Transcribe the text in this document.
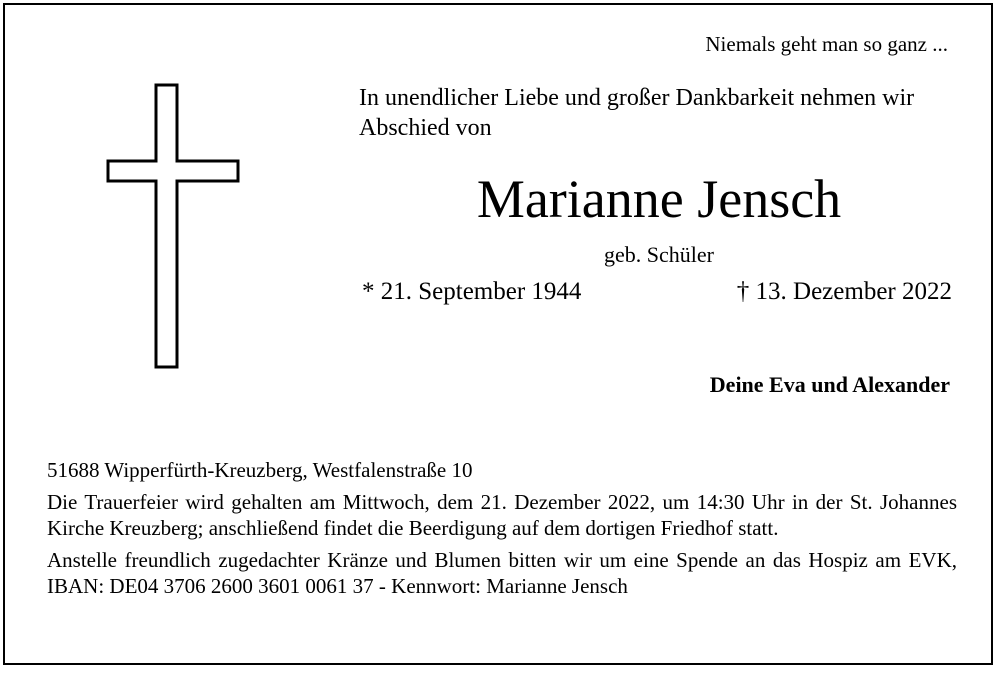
Niemals geht man so ganz ...
In unendlicher Liebe und großer Dankbarkeit nehmen wir Abschied von
Marianne Jensch
geb. Schüler
* 21. September 1944	† 13. Dezember 2022
Deine Eva und Alexander

51688 Wipperfürth-Kreuzberg, Westfalenstraße 10

Die Trauerfeier wird gehalten am Mittwoch, dem 21. Dezember 2022, um 14:30 Uhr in der St. Johannes Kirche Kreuzberg; anschließend findet die Beerdigung auf dem dortigen Friedhof statt.

Anstelle freundlich zugedachter Kränze und Blumen bitten wir um eine Spende an das Hospiz am EVK, IBAN: DE04 3706 2600 3601 0061 37 - Kennwort: Marianne Jensch
